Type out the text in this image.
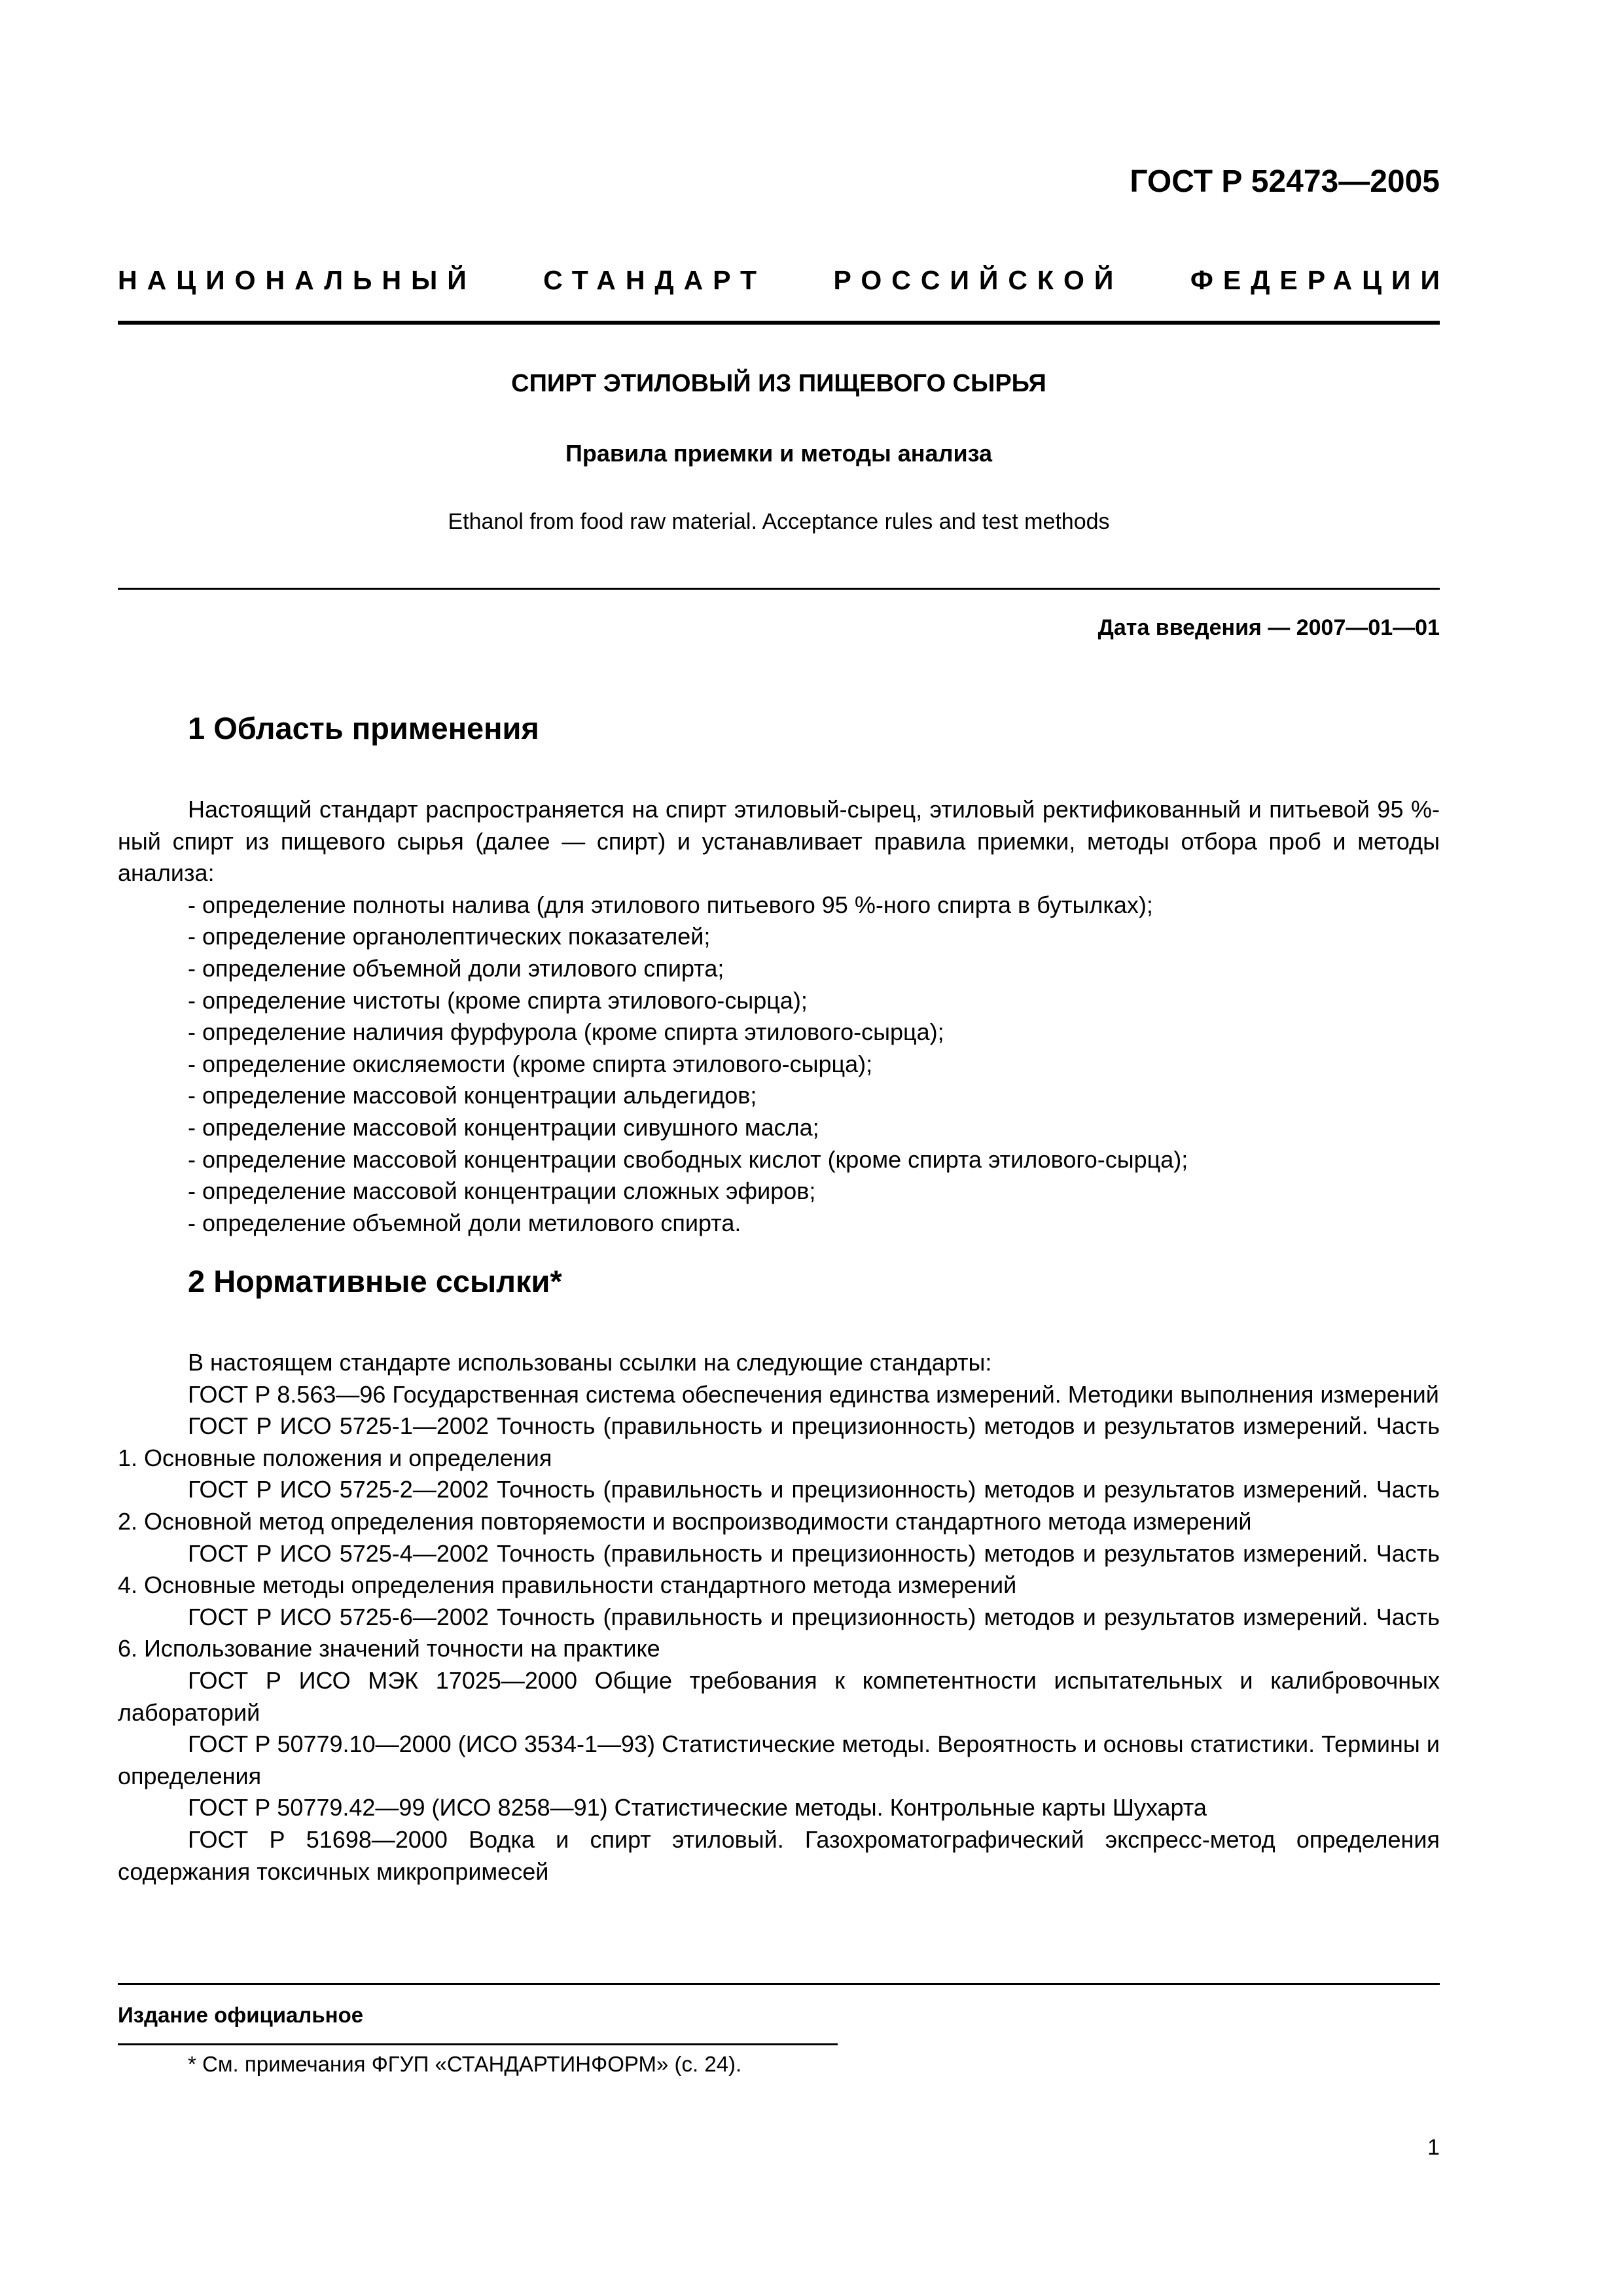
ГОСТ Р 52473—2005
НАЦИОНАЛЬНЫЙ СТАНДАРТ РОССИЙСКОЙ ФЕДЕРАЦИИ
СПИРТ ЭТИЛОВЫЙ ИЗ ПИЩЕВОГО СЫРЬЯ
Правила приемки и методы анализа
Ethanol from food raw material. Acceptance rules and test methods
Дата введения — 2007—01—01
1 Область применения

Настоящий стандарт распространяется на спирт этиловый-сырец, этиловый ректификованный и питьевой 95 %-ный спирт из пищевого сырья (далее — спирт) и устанавливает правила приемки, методы отбора проб и методы анализа:

- определение полноты налива (для этилового питьевого 95 %-ного спирта в бутылках);

- определение органолептических показателей;

- определение объемной доли этилового спирта;

- определение чистоты (кроме спирта этилового-сырца);

- определение наличия фурфурола (кроме спирта этилового-сырца);

- определение окисляемости (кроме спирта этилового-сырца);

- определение массовой концентрации альдегидов;

- определение массовой концентрации сивушного масла;

- определение массовой концентрации свободных кислот (кроме спирта этилового-сырца);

- определение массовой концентрации сложных эфиров;

- определение объемной доли метилового спирта.

2 Нормативные ссылки*

В настоящем стандарте использованы ссылки на следующие стандарты:

ГОСТ Р 8.563—96 Государственная система обеспечения единства измерений. Методики выполнения измерений

ГОСТ Р ИСО 5725-1—2002 Точность (правильность и прецизионность) методов и результатов измерений. Часть 1. Основные положения и определения

ГОСТ Р ИСО 5725-2—2002 Точность (правильность и прецизионность) методов и результатов измерений. Часть 2. Основной метод определения повторяемости и воспроизводимости стандартного метода измерений

ГОСТ Р ИСО 5725-4—2002 Точность (правильность и прецизионность) методов и результатов измерений. Часть 4. Основные методы определения правильности стандартного метода измерений

ГОСТ Р ИСО 5725-6—2002 Точность (правильность и прецизионность) методов и результатов измерений. Часть 6. Использование значений точности на практике

ГОСТ Р ИСО МЭК 17025—2000 Общие требования к компетентности испытательных и калибровочных лабораторий

ГОСТ Р 50779.10—2000 (ИСО 3534-1—93) Статистические методы. Вероятность и основы статистики. Термины и определения

ГОСТ Р 50779.42—99 (ИСО 8258—91) Статистические методы. Контрольные карты Шухарта

ГОСТ Р 51698—2000 Водка и спирт этиловый. Газохроматографический экспресс-метод определения содержания токсичных микропримесей

Издание официальное
* См. примечания ФГУП «СТАНДАРТИНФОРМ» (с. 24).
1
